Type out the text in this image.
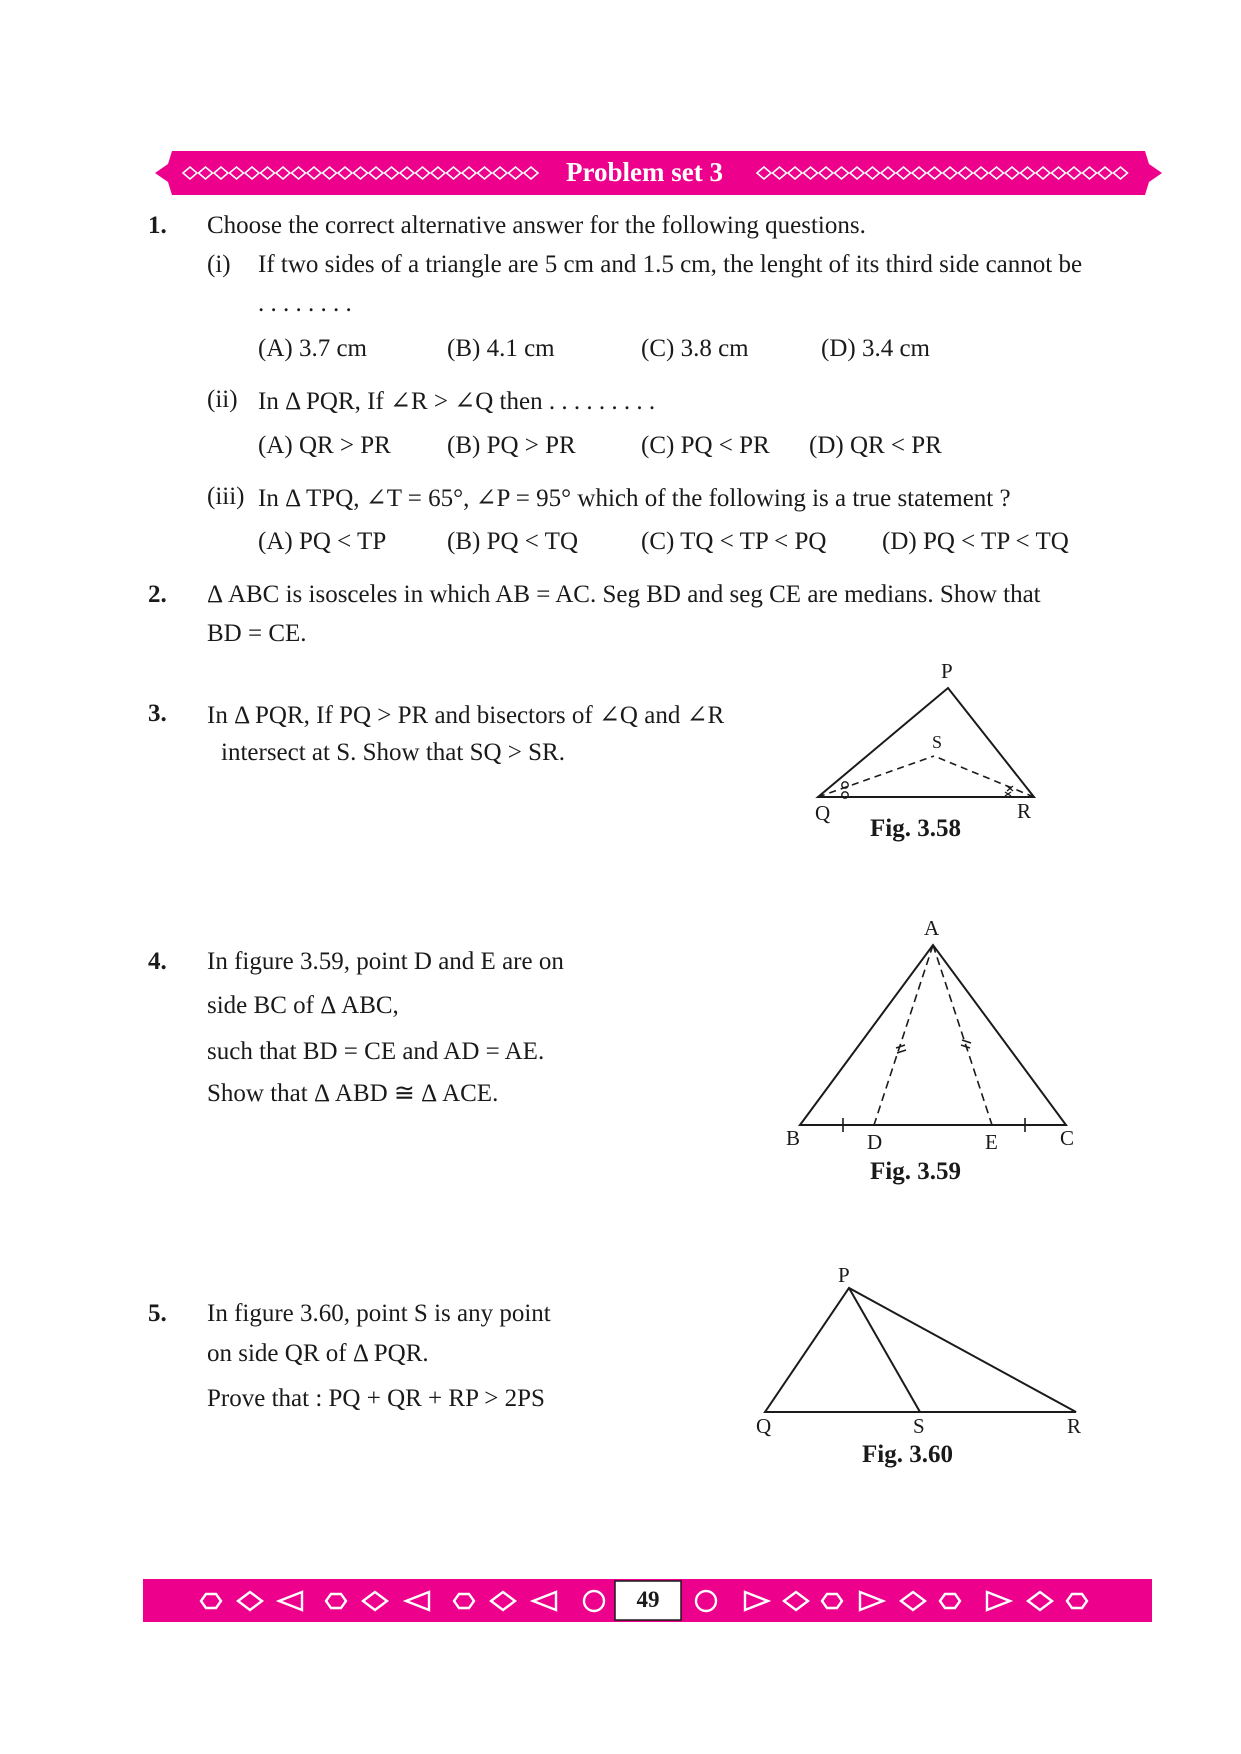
Problem set 3
1. Choose the correct alternative answer for the following questions.
(i) If two sides of a triangle are 5 cm and 1.5 cm, the lenght of its third side cannot be
. . . . . . . .
(A) 3.7 cm	(B) 4.1 cm	(C) 3.8 cm	(D) 3.4 cm
(ii) In Δ PQR, If ∠R > ∠Q then . . . . . . . . .
(A) QR > PR (B) PQ > PR	(C) PQ < PR (D) QR < PR
(iii) In Δ TPQ, ∠T = 65°, ∠P = 95° which of the following is a true statement ?
(A) PQ < TP (B) PQ < TQ	(C) TQ < TP < PQ (D) PQ < TP < TQ
2. Δ ABC is isosceles in which AB = AC. Seg BD and seg CE are medians. Show that
BD = CE.
3. In Δ PQR, If PQ > PR and bisectors of ∠Q and ∠R
intersect at S. Show that SQ > SR.
P
S
Q	R
Fig. 3.58
4. In figure 3.59, point D and E are on
side BC of Δ ABC,
such that BD = CE and AD = AE.
Show that Δ ABD ≅ Δ ACE.
A
B	D	E	C
Fig. 3.59
5. In figure 3.60, point S is any point
on side QR of Δ PQR.
Prove that : PQ + QR + RP > 2PS
P
Q	S	R
Fig. 3.60
49
